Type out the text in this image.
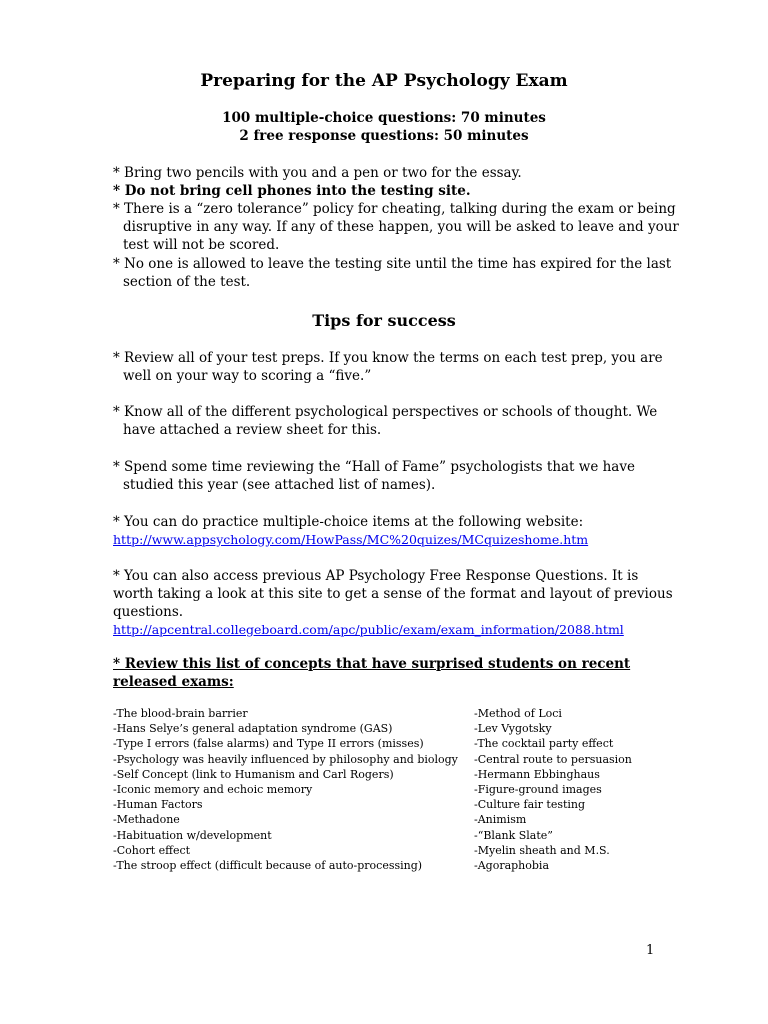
Preparing for the AP Psychology Exam
100 multiple-choice questions: 70 minutes
2 free response questions: 50 minutes
* Bring two pencils with you and a pen or two for the essay.
* Do not bring cell phones into the testing site.
* There is a “zero tolerance” policy for cheating, talking during the exam or being disruptive in any way. If any of these happen, you will be asked to leave and your test will not be scored.
* No one is allowed to leave the testing site until the time has expired for the last section of the test.
Tips for success
* Review all of your test preps. If you know the terms on each test prep, you are well on your way to scoring a “five.”
* Know all of the different psychological perspectives or schools of thought. We have attached a review sheet for this.
* Spend some time reviewing the “Hall of Fame” psychologists that we have studied this year (see attached list of names).
* You can do practice multiple-choice items at the following website:
http://www.appsychology.com/HowPass/MC%20quizes/MCquizeshome.htm
* You can also access previous AP Psychology Free Response Questions. It is worth taking a look at this site to get a sense of the format and layout of previous questions.
http://apcentral.collegeboard.com/apc/public/exam/exam_information/2088.html
* Review this list of concepts that have surprised students on recent released exams:
-The blood-brain barrier
-Hans Selye’s general adaptation syndrome (GAS)
-Type I errors (false alarms) and Type II errors (misses)
-Psychology was heavily influenced by philosophy and biology
-Self Concept (link to Humanism and Carl Rogers)
-Iconic memory and echoic memory
-Human Factors
-Methadone
-Habituation w/development
-Cohort effect
-The stroop effect (difficult because of auto-processing)
-Method of Loci
-Lev Vygotsky
-The cocktail party effect
-Central route to persuasion
-Hermann Ebbinghaus
-Figure-ground images
-Culture fair testing
-Animism
-“Blank Slate”
-Myelin sheath and M.S.
-Agoraphobia
1
